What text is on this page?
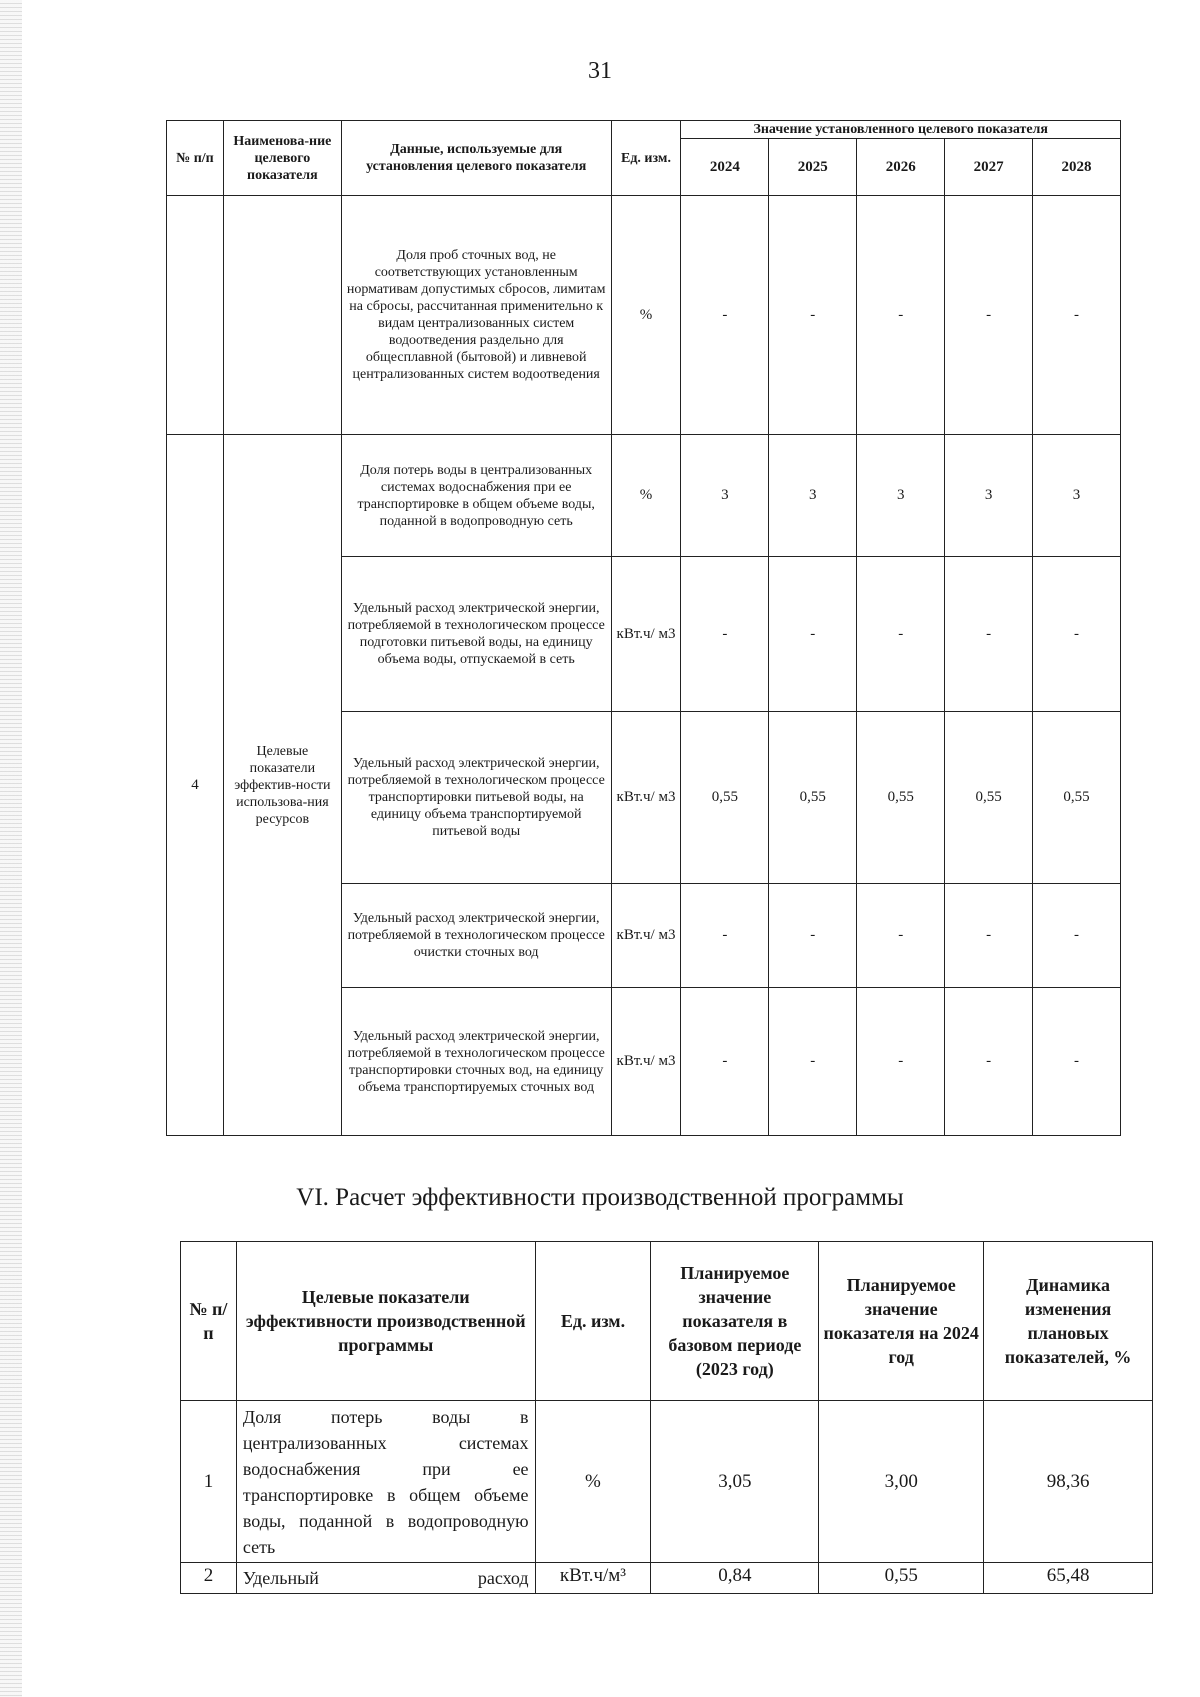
31
№ п/п	Наименова-ние целевого показателя	Данные, используемые для установления целевого показателя	Ед. изм.	Значение установленного целевого показателя				
				2024	2025	2026	2027	2028
		Доля проб сточных вод, не соответствующих установленным нормативам допустимых сбросов, лимитам на сбросы, рассчитанная применительно к видам централизованных систем водоотведения раздельно для общесплавной (бытовой) и ливневой централизованных систем водоотведения	%	-	-	-	-	-
4	Целевые показатели эффектив-ности использова-ния ресурсов	Доля потерь воды в централизованных системах водоснабжения при ее транспортировке в общем объеме воды, поданной в водопроводную сеть	%	3	3	3	3	3
		Удельный расход электрической энергии, потребляемой в технологическом процессе подготовки питьевой воды, на единицу объема воды, отпускаемой в сеть	кВт.ч/ м3	-	-	-	-	-
		Удельный расход электрической энергии, потребляемой в технологическом процессе транспортировки питьевой воды, на единицу объема транспортируемой питьевой воды	кВт.ч/ м3	0,55	0,55	0,55	0,55	0,55
		Удельный расход электрической энергии, потребляемой в технологическом процессе очистки сточных вод	кВт.ч/ м3	-	-	-	-	-
		Удельный расход электрической энергии, потребляемой в технологическом процессе транспортировки сточных вод, на единицу объема транспортируемых сточных вод	кВт.ч/ м3	-	-	-	-	-
VI. Расчет эффективности производственной программы
№ п/п	Целевые показатели эффективности производственной программы	Ед. изм.	Планируемое значение показателя в базовом периоде (2023 год)	Планируемое значение показателя на 2024 год	Динамика изменения плановых показателей, %
1	Доля потерь воды в централизованных системах водоснабжения при ее транспортировке в общем объеме воды, поданной в водопроводную сеть	%	3,05	3,00	98,36
2	Удельный расход	кВт.ч/м³	0,84	0,55	65,48
